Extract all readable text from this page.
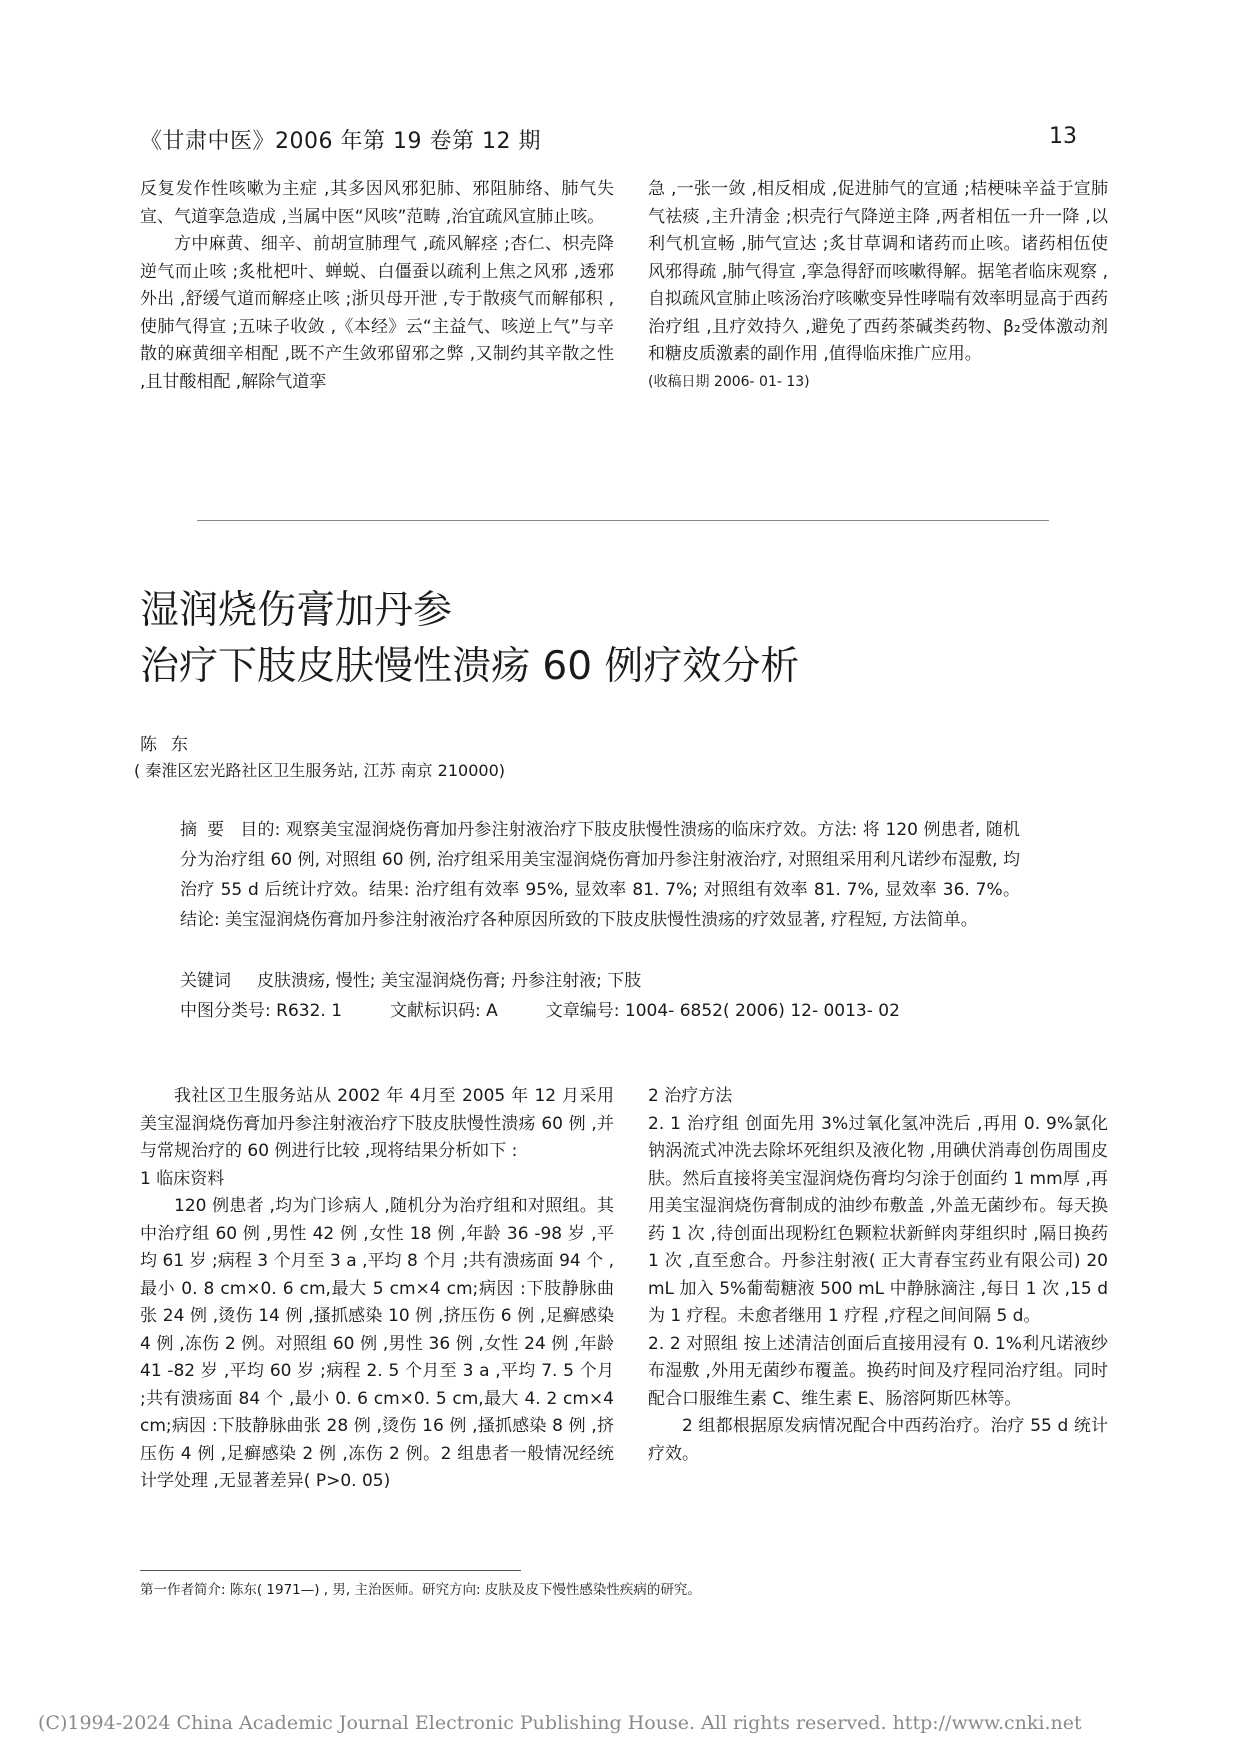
《甘肃中医》2006 年第 19 卷第 12 期	13

反复发作性咳嗽为主症 ,其多因风邪犯肺、邪阻肺络、肺气失宣、气道挛急造成 ,当属中医“风咳”范畴 ,治宜疏风宣肺止咳。

方中麻黄、细辛、前胡宣肺理气 ,疏风解痉 ;杏仁、枳壳降逆气而止咳 ;炙枇杷叶、蝉蜕、白僵蚕以疏利上焦之风邪 ,透邪外出 ,舒缓气道而解痉止咳 ;浙贝母开泄 ,专于散痰气而解郁积 ,使肺气得宣 ;五味子收敛 ,《本经》云“主益气、咳逆上气”与辛散的麻黄细辛相配 ,既不产生敛邪留邪之弊 ,又制约其辛散之性 ,且甘酸相配 ,解除气道挛

急 ,一张一敛 ,相反相成 ,促进肺气的宣通 ;桔梗味辛益于宣肺气祛痰 ,主升清金 ;枳壳行气降逆主降 ,两者相伍一升一降 ,以利气机宣畅 ,肺气宣达 ;炙甘草调和诸药而止咳。诸药相伍使风邪得疏 ,肺气得宣 ,挛急得舒而咳嗽得解。据笔者临床观察 ,自拟疏风宣肺止咳汤治疗咳嗽变异性哮喘有效率明显高于西药治疗组 ,且疗效持久 ,避免了西药茶碱类药物、β₂受体激动剂和糖皮质激素的副作用 ,值得临床推广应用。

(收稿日期 2006- 01- 13)

湿润烧伤膏加丹参
治疗下肢皮肤慢性溃疡 60 例疗效分析
陈东
( 秦淮区宏光路社区卫生服务站, 江苏 南京 210000)

摘要 目的: 观察美宝湿润烧伤膏加丹参注射液治疗下肢皮肤慢性溃疡的临床疗效。方法: 将 120 例患者, 随机分为治疗组 60 例, 对照组 60 例, 治疗组采用美宝湿润烧伤膏加丹参注射液治疗, 对照组采用利凡诺纱布湿敷, 均治疗 55 d 后统计疗效。结果: 治疗组有效率 95%, 显效率 81. 7%; 对照组有效率 81. 7%, 显效率 36. 7%。结论: 美宝湿润烧伤膏加丹参注射液治疗各种原因所致的下肢皮肤慢性溃疡的疗效显著, 疗程短, 方法简单。

关键词 皮肤溃疡, 慢性; 美宝湿润烧伤膏; 丹参注射液; 下肢
中图分类号: R632. 1	文献标识码: A	文章编号: 1004- 6852( 2006) 12- 0013- 02

我社区卫生服务站从 2002 年 4月至 2005 年 12 月采用美宝湿润烧伤膏加丹参注射液治疗下肢皮肤慢性溃疡 60 例 ,并与常规治疗的 60 例进行比较 ,现将结果分析如下 :

1 临床资料

120 例患者 ,均为门诊病人 ,随机分为治疗组和对照组。其中治疗组 60 例 ,男性 42 例 ,女性 18 例 ,年龄 36 -98 岁 ,平均 61 岁 ;病程 3 个月至 3 a ,平均 8 个月 ;共有溃疡面 94 个 ,最小 0. 8 cm×0. 6 cm,最大 5 cm×4 cm;病因 :下肢静脉曲张 24 例 ,烫伤 14 例 ,搔抓感染 10 例 ,挤压伤 6 例 ,足癣感染 4 例 ,冻伤 2 例。对照组 60 例 ,男性 36 例 ,女性 24 例 ,年龄 41 -82 岁 ,平均 60 岁 ;病程 2. 5 个月至 3 a ,平均 7. 5 个月 ;共有溃疡面 84 个 ,最小 0. 6 cm×0. 5 cm,最大 4. 2 cm×4 cm;病因 :下肢静脉曲张 28 例 ,烫伤 16 例 ,搔抓感染 8 例 ,挤压伤 4 例 ,足癣感染 2 例 ,冻伤 2 例。2 组患者一般情况经统计学处理 ,无显著差异( P>0. 05)

2 治疗方法

2. 1 治疗组 创面先用 3%过氧化氢冲洗后 ,再用 0. 9%氯化钠涡流式冲洗去除坏死组织及液化物 ,用碘伏消毒创伤周围皮肤。然后直接将美宝湿润烧伤膏均匀涂于创面约 1 mm厚 ,再用美宝湿润烧伤膏制成的油纱布敷盖 ,外盖无菌纱布。每天换药 1 次 ,待创面出现粉红色颗粒状新鲜肉芽组织时 ,隔日换药 1 次 ,直至愈合。丹参注射液( 正大青春宝药业有限公司) 20 mL 加入 5%葡萄糖液 500 mL 中静脉滴注 ,每日 1 次 ,15 d 为 1 疗程。未愈者继用 1 疗程 ,疗程之间间隔 5 d。

2. 2 对照组 按上述清洁创面后直接用浸有 0. 1%利凡诺液纱布湿敷 ,外用无菌纱布覆盖。换药时间及疗程同治疗组。同时配合口服维生素 C、维生素 E、肠溶阿斯匹林等。

2 组都根据原发病情况配合中西药治疗。治疗 55 d 统计疗效。

第一作者简介: 陈东( 1971—) , 男, 主治医师。研究方向: 皮肤及皮下慢性感染性疾病的研究。
(C)1994-2024 China Academic Journal Electronic Publishing House. All rights reserved. http://www.cnki.net
